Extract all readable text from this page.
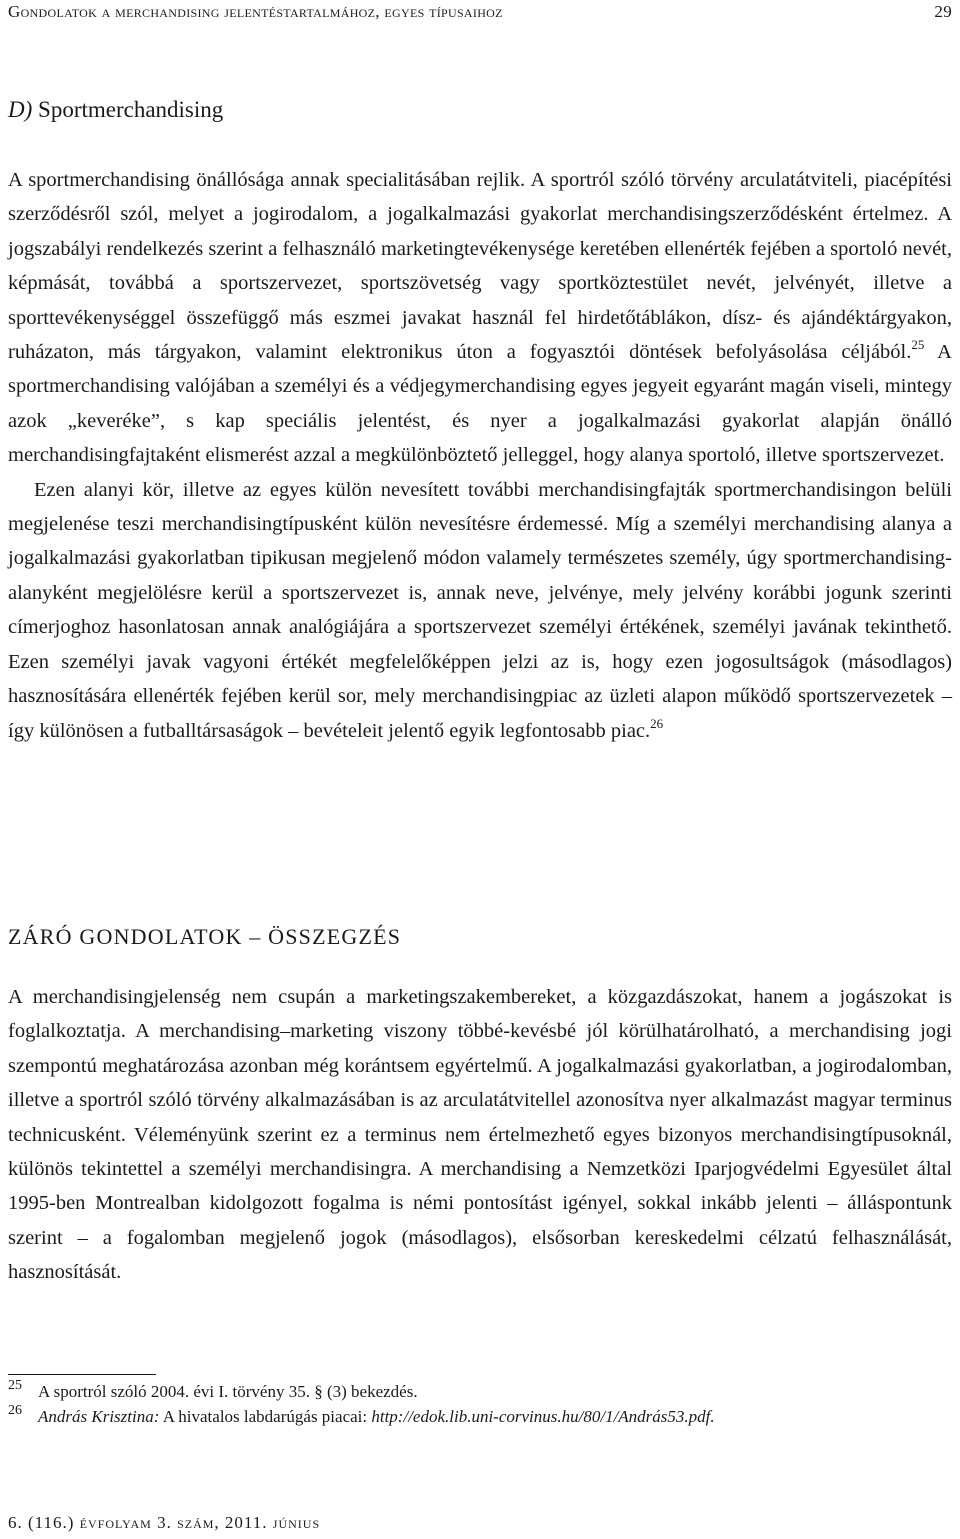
Gondolatok a merchandising jelentéstartalmához, egyes típusaihoz	29
D) Sportmerchandising

A sportmerchandising önállósága annak specialitásában rejlik. A sportról szóló törvény arculatátviteli, piacépítési szerződésről szól, melyet a jogirodalom, a jogalkalmazási gyakorlat merchandisingszerződésként értelmez. A jogszabályi rendelkezés szerint a felhasználó marketingtevékenysége keretében ellenérték fejében a sportoló nevét, képmását, továbbá a sportszervezet, sportszövetség vagy sportköztestület nevét, jelvényét, illetve a sporttevékenységgel összefüggő más eszmei javakat használ fel hirdetőtáblákon, dísz- és ajándéktárgyakon, ruházaton, más tárgyakon, valamint elektronikus úton a fogyasztói döntések befolyásolása céljából.$^{25}$ A sportmerchandising valójában a személyi és a védjegymerchandising egyes jegyeit egyaránt magán viseli, mintegy azok „keveréke”, s kap speciális jelentést, és nyer a jogalkalmazási gyakorlat alapján önálló merchandisingfajtaként elismerést azzal a megkülönböztető jelleggel, hogy alanya sportoló, illetve sportszervezet.

Ezen alanyi kör, illetve az egyes külön nevesített további merchandisingfajták sportmerchandisingon belüli megjelenése teszi merchandisingtípusként külön nevesítésre érdemessé. Míg a személyi merchandising alanya a jogalkalmazási gyakorlatban tipikusan megjelenő módon valamely természetes személy, úgy sportmerchandising-alanyként megjelölésre kerül a sportszervezet is, annak neve, jelvénye, mely jelvény korábbi jogunk szerinti címerjoghoz hasonlatosan annak analógiájára a sportszervezet személyi értékének, személyi javának tekinthető. Ezen személyi javak vagyoni értékét megfelelőképpen jelzi az is, hogy ezen jogosultságok (másodlagos) hasznosítására ellenérték fejében kerül sor, mely merchandisingpiac az üzleti alapon működő sportszervezetek – így különösen a futballtársaságok – bevételeit jelentő egyik legfontosabb piac.$^{26}$

ZÁRÓ GONDOLATOK – ÖSSZEGZÉS

A merchandisingjelenség nem csupán a marketingszakembereket, a közgazdászokat, hanem a jogászokat is foglalkoztatja. A merchandising–marketing viszony többé-kevésbé jól körülhatárolható, a merchandising jogi szempontú meghatározása azonban még korántsem egyértelmű. A jogalkalmazási gyakorlatban, a jogirodalomban, illetve a sportról szóló törvény alkalmazásában is az arculatátvitellel azonosítva nyer alkalmazást magyar terminus technicusként. Véleményünk szerint ez a terminus nem értelmezhető egyes bizonyos merchandisingtípusoknál, különös tekintettel a személyi merchandisingra. A merchandising a Nemzetközi Iparjogvédelmi Egyesület által 1995-ben Montrealban kidolgozott fogalma is némi pontosítást igényel, sokkal inkább jelenti – álláspontunk szerint – a fogalomban megjelenő jogok (másodlagos), elsősorban kereskedelmi célzatú felhasználását, hasznosítását.

25 A sportról szóló 2004. évi I. törvény 35. § (3) bekezdés.
26 András Krisztina: A hivatalos labdarúgás piacai: http://edok.lib.uni-corvinus.hu/80/1/András53.pdf.
6. (116.) évfolyam 3. szám, 2011. június
